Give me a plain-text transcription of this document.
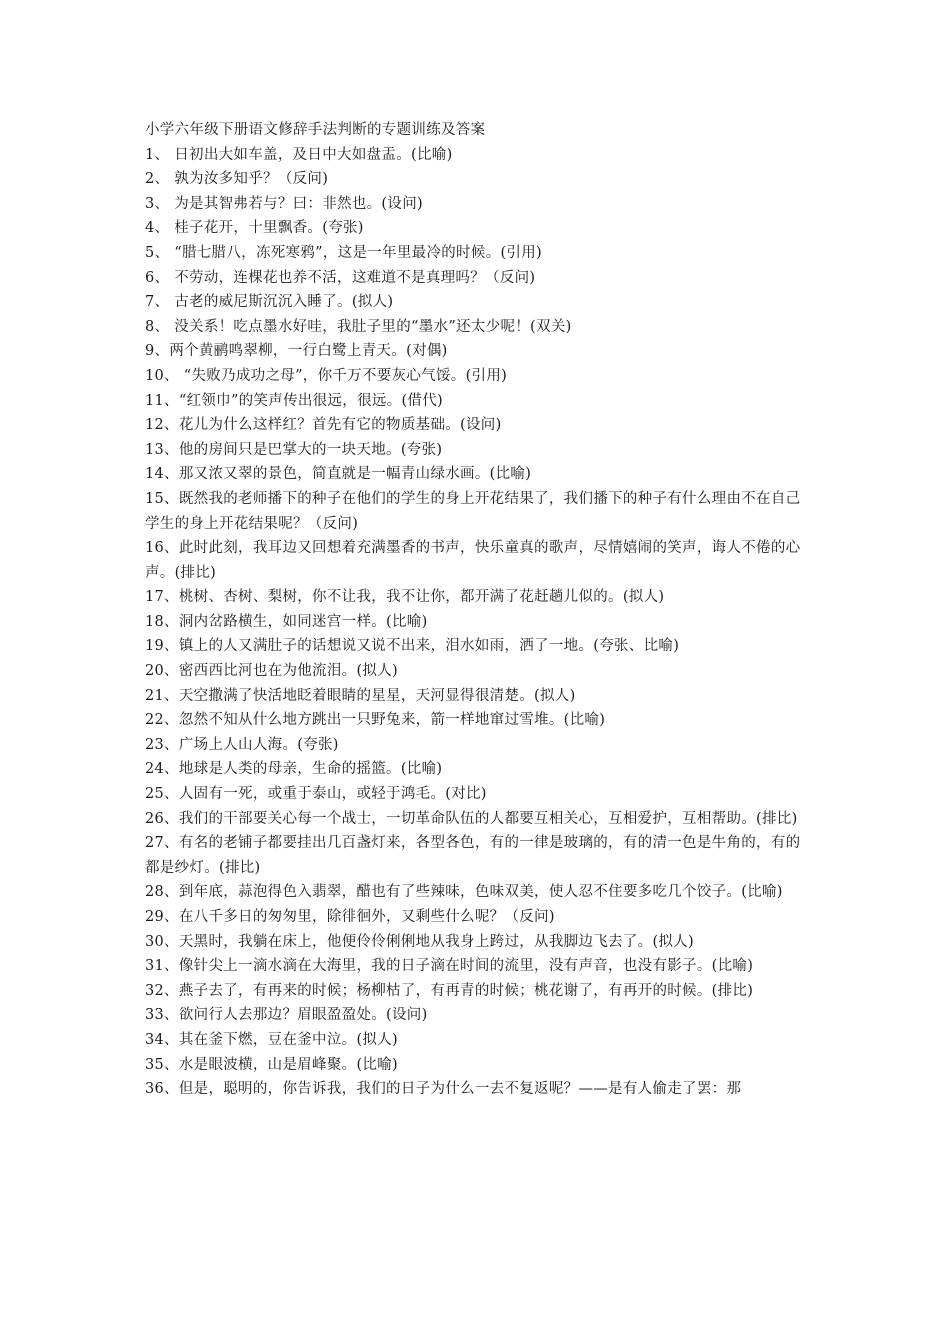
小学六年级下册语文修辞手法判断的专题训练及答案
1、 日初出大如车盖，及日中大如盘盂。(比喻)
2、 孰为汝多知乎？（反问)
3、 为是其智弗若与？曰：非然也。(设问)
4、 桂子花开，十里飘香。(夸张)
5、 “腊七腊八，冻死寒鸦”，这是一年里最冷的时候。(引用)
6、 不劳动，连棵花也养不活，这难道不是真理吗？（反问)
7、 古老的威尼斯沉沉入睡了。(拟人)
8、 没关系！吃点墨水好哇，我肚子里的“墨水”还太少呢！(双关)
9、两个黄鹂鸣翠柳，一行白鹭上青天。(对偶)
10、 “失败乃成功之母”，你千万不要灰心气馁。(引用)
11、“红领巾”的笑声传出很远，很远。(借代)
12、花儿为什么这样红？首先有它的物质基础。(设问)
13、他的房间只是巴掌大的一块天地。(夸张)
14、那又浓又翠的景色，简直就是一幅青山绿水画。(比喻)
15、既然我的老师播下的种子在他们的学生的身上开花结果了，我们播下的种子有什么理由不在自己学生的身上开花结果呢？（反问)
16、此时此刻，我耳边又回想着充满墨香的书声，快乐童真的歌声，尽情嬉闹的笑声，诲人不倦的心声。(排比)
17、桃树、杏树、梨树，你不让我，我不让你，都开满了花赶趟儿似的。(拟人)
18、洞内岔路横生，如同迷宫一样。(比喻)
19、镇上的人又满肚子的话想说又说不出来，泪水如雨，洒了一地。(夸张、比喻)
20、密西西比河也在为他流泪。(拟人)
21、天空撒满了快活地眨着眼睛的星星，天河显得很清楚。(拟人)
22、忽然不知从什么地方跳出一只野兔来，箭一样地窜过雪堆。(比喻)
23、广场上人山人海。(夸张)
24、地球是人类的母亲，生命的摇篮。(比喻)
25、人固有一死，或重于泰山，或轻于鸿毛。(对比)
26、我们的干部要关心每一个战士，一切革命队伍的人都要互相关心，互相爱护，互相帮助。(排比)
27、有名的老铺子都要挂出几百盏灯来，各型各色，有的一律是玻璃的，有的清一色是牛角的，有的都是纱灯。(排比)
28、到年底，蒜泡得色入翡翠，醋也有了些辣味，色味双美，使人忍不住要多吃几个饺子。(比喻)
29、在八千多日的匆匆里，除徘徊外，又剩些什么呢？（反问)
30、天黑时，我躺在床上，他便伶伶俐俐地从我身上跨过，从我脚边飞去了。(拟人)
31、像针尖上一滴水滴在大海里，我的日子滴在时间的流里，没有声音，也没有影子。(比喻)
32、燕子去了，有再来的时候；杨柳枯了，有再青的时候；桃花谢了，有再开的时候。(排比)
33、欲问行人去那边？眉眼盈盈处。(设问)
34、其在釜下燃，豆在釜中泣。(拟人)
35、水是眼波横，山是眉峰聚。(比喻)
36、但是，聪明的，你告诉我，我们的日子为什么一去不复返呢？——是有人偷走了罢：那
